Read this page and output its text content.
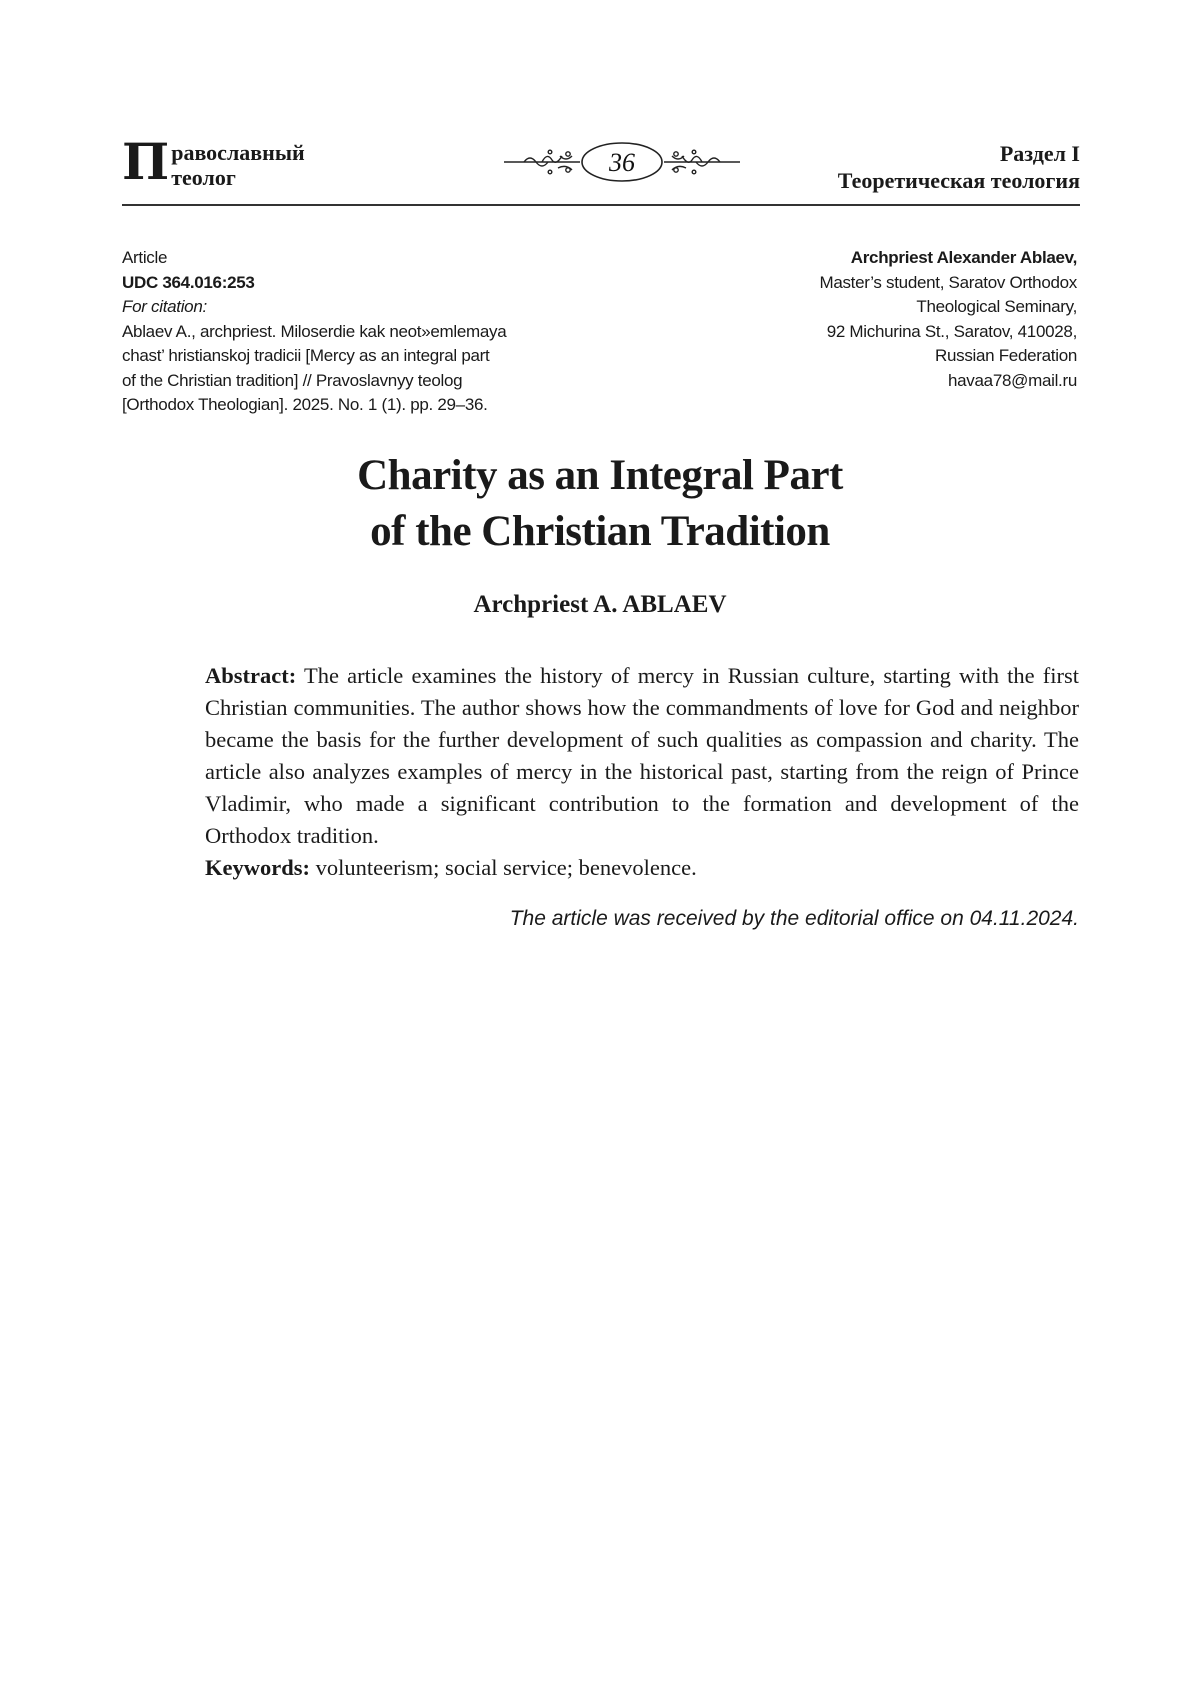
П равославный
теолог
36	Раздел I
Теоретическая теология
Article
UDC 364.016:253
For citation:
Ablaev A., archpriest. Miloserdie kak neot»emlemaya
chast’ hristianskoj tradicii [Mercy as an integral part
of the Christian tradition] // Pravoslavnyy teolog
[Orthodox Theologian]. 2025. No. 1 (1). pp. 29–36.
Archpriest Alexander Ablaev,
Master’s student, Saratov Orthodox
Theological Seminary,
92 Michurina St., Saratov, 410028,
Russian Federation
havaa78@mail.ru
Charity as an Integral Part
of the Christian Tradition
Archpriest A. ABLAEV
Abstract: The article examines the history of mercy in Russian culture, starting with the first Christian communities. The author shows how the commandments of love for God and neighbor became the basis for the further development of such qualities as compassion and charity. The article also analyzes examples of mercy in the historical past, starting from the reign of Prince Vladimir, who made a significant contribution to the formation and development of the Orthodox tradition.
Keywords: volunteerism; social service; benevolence.
The article was received by the editorial office on 04.11.2024.
